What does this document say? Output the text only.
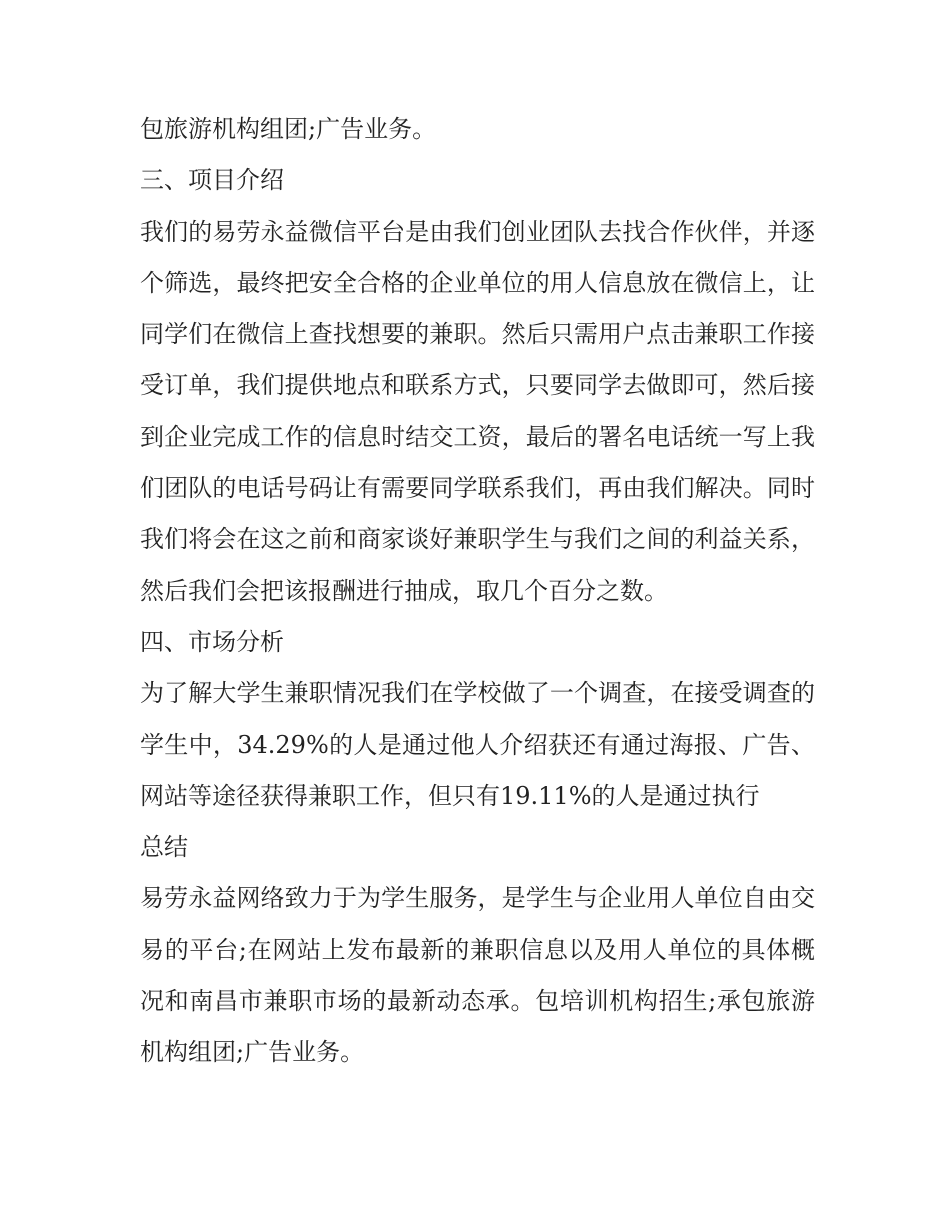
包旅游机构组团;广告业务。

三、项目介绍

我们的易劳永益微信平台是由我们创业团队去找合作伙伴，并逐个筛选，最终把安全合格的企业单位的用人信息放在微信上，让同学们在微信上查找想要的兼职。然后只需用户点击兼职工作接受订单，我们提供地点和联系方式，只要同学去做即可，然后接到企业完成工作的信息时结交工资，最后的署名电话统一写上我们团队的电话号码让有需要同学联系我们，再由我们解决。同时我们将会在这之前和商家谈好兼职学生与我们之间的利益关系，然后我们会把该报酬进行抽成，取几个百分之数。

四、市场分析

为了解大学生兼职情况我们在学校做了一个调查，在接受调查的学生中，34.29%的人是通过他人介绍获还有通过海报、广告、网站等途径获得兼职工作，但只有19.11%的人是通过执行

总结

易劳永益网络致力于为学生服务，是学生与企业用人单位自由交易的平台;在网站上发布最新的兼职信息以及用人单位的具体概况和南昌市兼职市场的最新动态承。包培训机构招生;承包旅游机构组团;广告业务。
